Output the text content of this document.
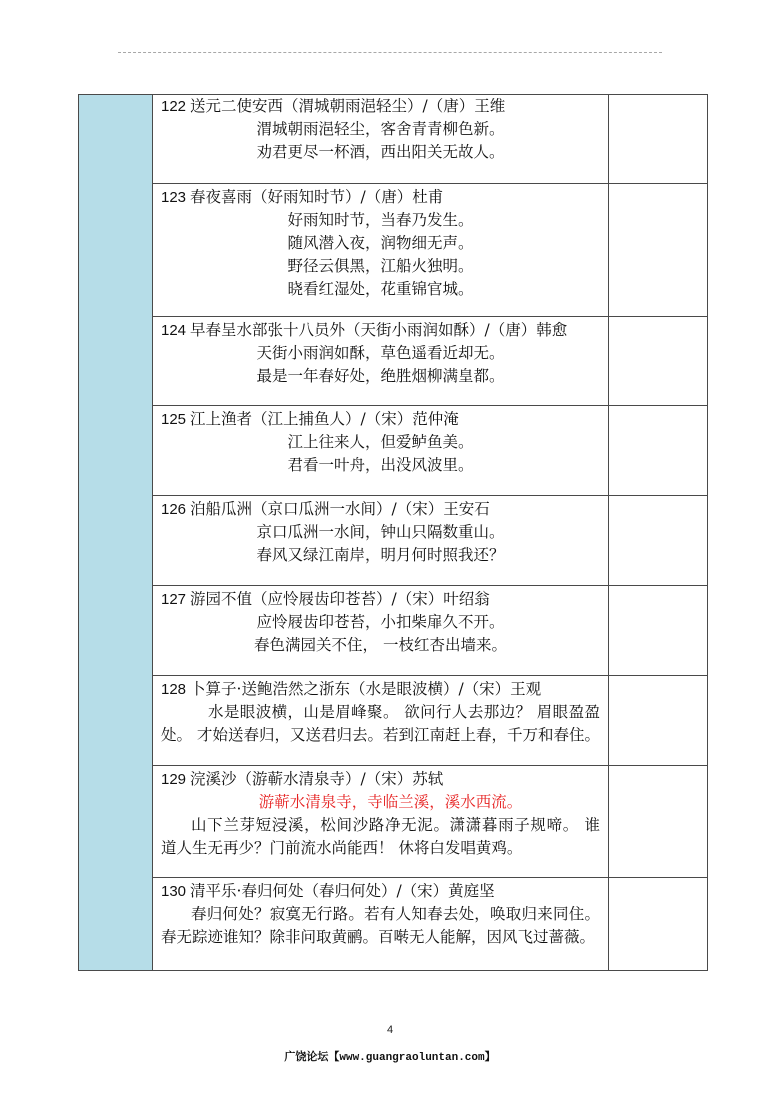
	122 送元二使安西（渭城朝雨浥轻尘）/（唐）王维
渭城朝雨浥轻尘，客舍青青柳色新。
劝君更尽一杯酒，西出阳关无故人。	

	123 春夜喜雨（好雨知时节）/（唐）杜甫
好雨知时节，当春乃发生。
随风潜入夜，润物细无声。
野径云俱黑，江船火独明。
晓看红湿处，花重锦官城。	

	124 早春呈水部张十八员外（天街小雨润如酥）/（唐）韩愈
天街小雨润如酥，草色遥看近却无。
最是一年春好处，绝胜烟柳满皇都。	

	125 江上渔者（江上捕鱼人）/（宋）范仲淹
江上往来人，但爱鲈鱼美。
君看一叶舟，出没风波里。	

	126 泊船瓜洲（京口瓜洲一水间）/（宋）王安石
京口瓜洲一水间，钟山只隔数重山。
春风又绿江南岸，明月何时照我还？	

	127 游园不值（应怜屐齿印苍苔）/（宋）叶绍翁
应怜屐齿印苍苔，小扣柴扉久不开。
春色满园关不住， 一枝红杏出墙来。	

	128 卜算子·送鲍浩然之浙东（水是眼波横）/（宋）王观
水是眼波横，山是眉峰聚。 欲问行人去那边？ 眉眼盈盈
处。 才始送春归，又送君归去。若到江南赶上春，千万和春住。	

	129 浣溪沙（游蕲水清泉寺）/（宋）苏轼
游蕲水清泉寺，寺临兰溪，溪水西流。
山下兰芽短浸溪，松间沙路净无泥。潇潇暮雨子规啼。 谁
道人生无再少？门前流水尚能西！ 休将白发唱黄鸡。	

	130 清平乐·春归何处（春归何处）/（宋）黄庭坚
春归何处？寂寞无行路。若有人知春去处，唤取归来同住。
春无踪迹谁知？除非问取黄鹂。百啭无人能解，因风飞过蔷薇。	

4
广饶论坛【www.guangraoluntan.com】
